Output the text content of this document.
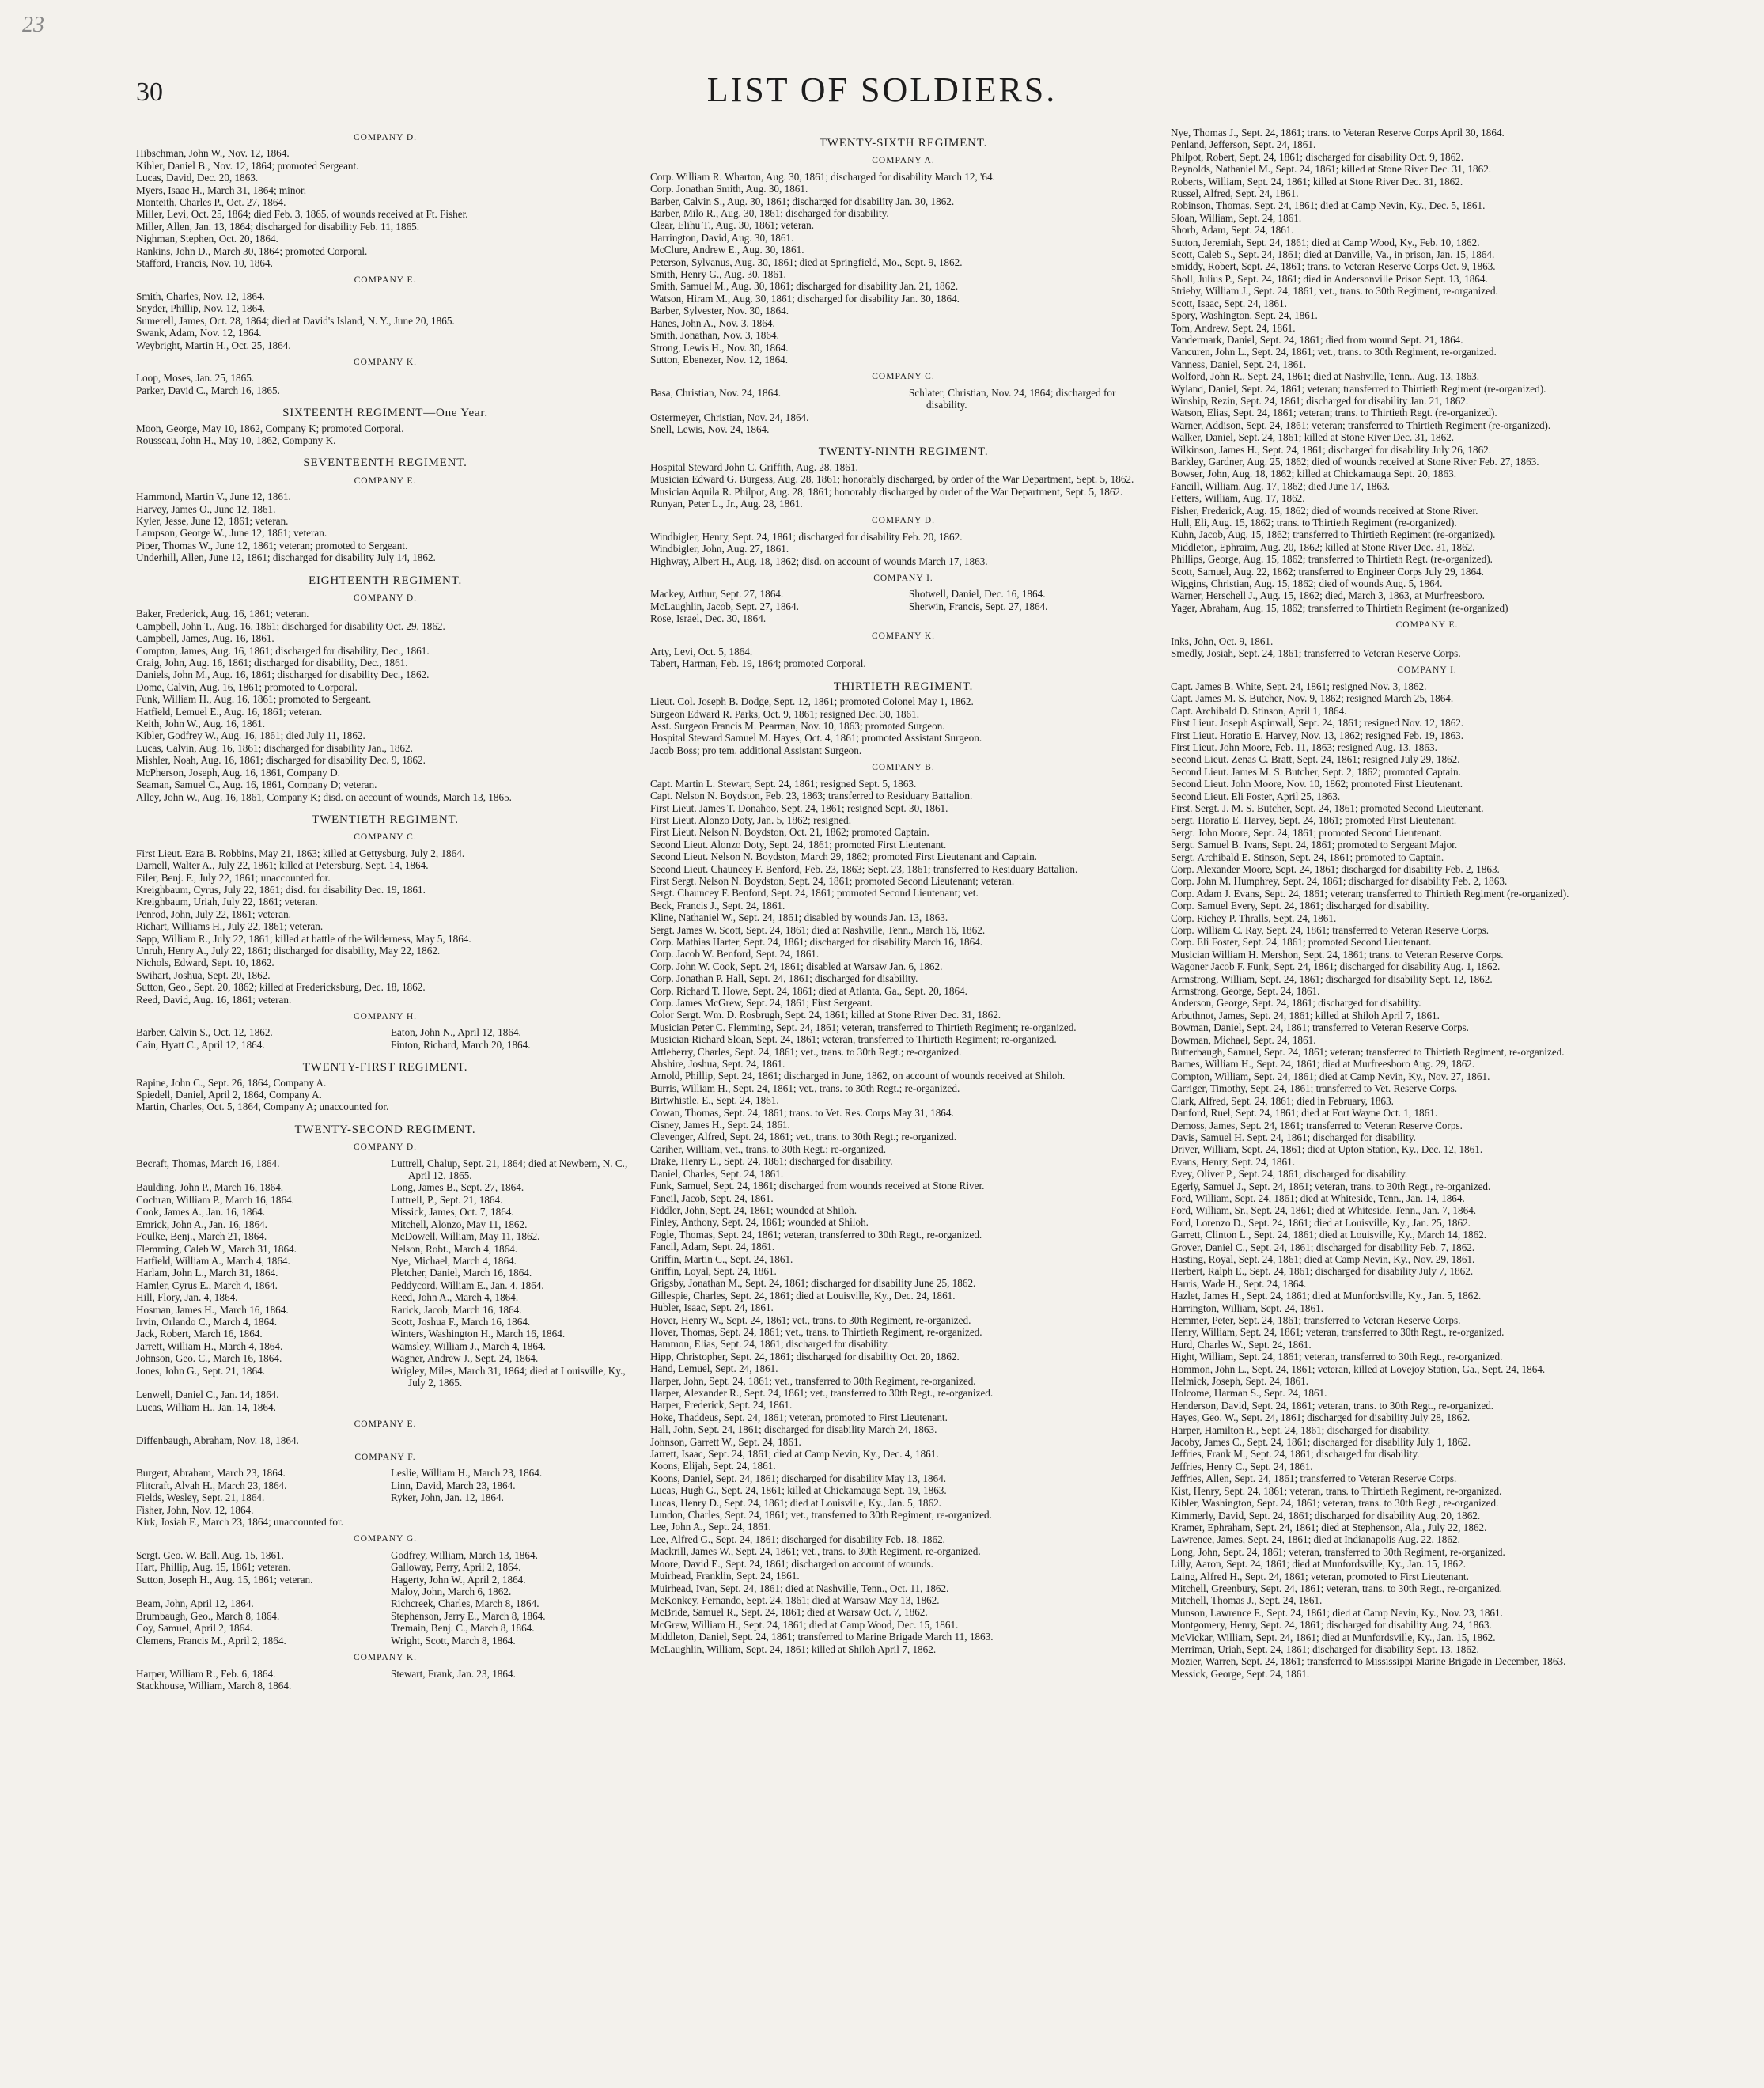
23
30	LIST OF SOLDIERS.
COMPANY D.
Hibschman, John W., Nov. 12, 1864.
Kibler, Daniel B., Nov. 12, 1864; promoted Sergeant.
Lucas, David, Dec. 20, 1863.
Myers, Isaac H., March 31, 1864; minor.
Monteith, Charles P., Oct. 27, 1864.
Miller, Levi, Oct. 25, 1864; died Feb. 3, 1865, of wounds received at Ft. Fisher.
Miller, Allen, Jan. 13, 1864; discharged for disability Feb. 11, 1865.
Nighman, Stephen, Oct. 20, 1864.
Rankins, John D., March 30, 1864; promoted Corporal.
Stafford, Francis, Nov. 10, 1864.
COMPANY E.
Smith, Charles, Nov. 12, 1864.
Snyder, Phillip, Nov. 12, 1864.
Sumerell, James, Oct. 28, 1864; died at David's Island, N. Y., June 20, 1865.
Swank, Adam, Nov. 12, 1864.
Weybright, Martin H., Oct. 25, 1864.
COMPANY K.
Loop, Moses, Jan. 25, 1865.
Parker, David C., March 16, 1865.
SIXTEENTH REGIMENT—One Year.
Moon, George, May 10, 1862, Company K; promoted Corporal.
Rousseau, John H., May 10, 1862, Company K.
SEVENTEENTH REGIMENT.
COMPANY E.
Hammond, Martin V., June 12, 1861.
Harvey, James O., June 12, 1861.
Kyler, Jesse, June 12, 1861; veteran.
Lampson, George W., June 12, 1861; veteran.
Piper, Thomas W., June 12, 1861; veteran; promoted to Sergeant.
Underhill, Allen, June 12, 1861; discharged for disability July 14, 1862.
EIGHTEENTH REGIMENT.
COMPANY D.
Baker, Frederick, Aug. 16, 1861; veteran.
Campbell, John T., Aug. 16, 1861; discharged for disability Oct. 29, 1862.
Campbell, James, Aug. 16, 1861.
Compton, James, Aug. 16, 1861; discharged for disability, Dec., 1861.
Craig, John, Aug. 16, 1861; discharged for disability, Dec., 1861.
Daniels, John M., Aug. 16, 1861; discharged for disability Dec., 1862.
Dome, Calvin, Aug. 16, 1861; promoted to Corporal.
Funk, William H., Aug. 16, 1861; promoted to Sergeant.
Hatfield, Lemuel E., Aug. 16, 1861; veteran.
Keith, John W., Aug. 16, 1861.
Kibler, Godfrey W., Aug. 16, 1861; died July 11, 1862.
Lucas, Calvin, Aug. 16, 1861; discharged for disability Jan., 1862.
Mishler, Noah, Aug. 16, 1861; discharged for disability Dec. 9, 1862.
McPherson, Joseph, Aug. 16, 1861, Company D.
Seaman, Samuel C., Aug. 16, 1861, Company D; veteran.
Alley, John W., Aug. 16, 1861, Company K; disd. on account of wounds, March 13, 1865.
TWENTIETH REGIMENT.
COMPANY C.
First Lieut. Ezra B. Robbins, May 21, 1863; killed at Gettysburg, July 2, 1864.
Darnell, Walter A., July 22, 1861; killed at Petersburg, Sept. 14, 1864.
Eiler, Benj. F., July 22, 1861; unaccounted for.
Kreighbaum, Cyrus, July 22, 1861; disd. for disability Dec. 19, 1861.
Kreighbaum, Uriah, July 22, 1861; veteran.
Penrod, John, July 22, 1861; veteran.
Richart, Williams H., July 22, 1861; veteran.
Sapp, William R., July 22, 1861; killed at battle of the Wilderness, May 5, 1864.
Unruh, Henry A., July 22, 1861; discharged for disability, May 22, 1862.
Nichols, Edward, Sept. 10, 1862.
Swihart, Joshua, Sept. 20, 1862.
Sutton, Geo., Sept. 20, 1862; killed at Fredericksburg, Dec. 18, 1862.
Reed, David, Aug. 16, 1861; veteran.
COMPANY H.
Barber, Calvin S., Oct. 12, 1862.	Eaton, John N., April 12, 1864.
Cain, Hyatt C., April 12, 1864.	Finton, Richard, March 20, 1864.
TWENTY-FIRST REGIMENT.
Rapine, John C., Sept. 26, 1864, Company A.
Spiedell, Daniel, April 2, 1864, Company A.
Martin, Charles, Oct. 5, 1864, Company A; unaccounted for.
TWENTY-SECOND REGIMENT.
COMPANY D.
Becraft, Thomas, March 16, 1864.	Luttrell, Chalup, Sept. 21, 1864; died at Newbern, N. C., April 12, 1865.
Baulding, John P., March 16, 1864.	Long, James B., Sept. 27, 1864.
Cochran, William P., March 16, 1864.	Luttrell, P., Sept. 21, 1864.
Cook, James A., Jan. 16, 1864.	Missick, James, Oct. 7, 1864.
Emrick, John A., Jan. 16, 1864.	Mitchell, Alonzo, May 11, 1862.
Foulke, Benj., March 21, 1864.	McDowell, William, May 11, 1862.
Flemming, Caleb W., March 31, 1864.	Nelson, Robt., March 4, 1864.
Hatfield, William A., March 4, 1864.	Nye, Michael, March 4, 1864.
Harlam, John L., March 31, 1864.	Pletcher, Daniel, March 16, 1864.
Hamler, Cyrus E., March 4, 1864.	Peddycord, William E., Jan. 4, 1864.
Hill, Flory, Jan. 4, 1864.	Reed, John A., March 4, 1864.
Hosman, James H., March 16, 1864.	Rarick, Jacob, March 16, 1864.
Irvin, Orlando C., March 4, 1864.	Scott, Joshua F., March 16, 1864.
Jack, Robert, March 16, 1864.	Winters, Washington H., March 16, 1864.
Jarrett, William H., March 4, 1864.	Wamsley, William J., March 4, 1864.
Johnson, Geo. C., March 16, 1864.	Wagner, Andrew J., Sept. 24, 1864.
Jones, John G., Sept. 21, 1864.	Wrigley, Miles, March 31, 1864; died at Louisville, Ky., July 2, 1865.
Lenwell, Daniel C., Jan. 14, 1864.
Lucas, William H., Jan. 14, 1864.
COMPANY E.
Diffenbaugh, Abraham, Nov. 18, 1864.
COMPANY F.
Burgert, Abraham, March 23, 1864.	Leslie, William H., March 23, 1864.
Flitcraft, Alvah H., March 23, 1864.	Linn, David, March 23, 1864.
Fields, Wesley, Sept. 21, 1864.	Ryker, John, Jan. 12, 1864.
Fisher, John, Nov. 12, 1864.
Kirk, Josiah F., March 23, 1864; unaccounted for.
COMPANY G.
Sergt. Geo. W. Ball, Aug. 15, 1861.	Godfrey, William, March 13, 1864.
Hart, Phillip, Aug. 15, 1861; veteran.	Galloway, Perry, April 2, 1864.
Sutton, Joseph H., Aug. 15, 1861; veteran.	Hagerty, John W., April 2, 1864.
Maloy, John, March 6, 1862.
Beam, John, April 12, 1864.	Richcreek, Charles, March 8, 1864.
Brumbaugh, Geo., March 8, 1864.	Stephenson, Jerry E., March 8, 1864.
Coy, Samuel, April 2, 1864.	Tremain, Benj. C., March 8, 1864.
Clemens, Francis M., April 2, 1864.	Wright, Scott, March 8, 1864.
COMPANY K.
Harper, William R., Feb. 6, 1864.	Stewart, Frank, Jan. 23, 1864.
Stackhouse, William, March 8, 1864.
TWENTY-SIXTH REGIMENT.
COMPANY A.
Corp. William R. Wharton, Aug. 30, 1861; discharged for disability March 12, '64.
Corp. Jonathan Smith, Aug. 30, 1861.
Barber, Calvin S., Aug. 30, 1861; discharged for disability Jan. 30, 1862.
Barber, Milo R., Aug. 30, 1861; discharged for disability.
Clear, Elihu T., Aug. 30, 1861; veteran.
Harrington, David, Aug. 30, 1861.
McClure, Andrew E., Aug. 30, 1861.
Peterson, Sylvanus, Aug. 30, 1861; died at Springfield, Mo., Sept. 9, 1862.
Smith, Henry G., Aug. 30, 1861.
Smith, Samuel M., Aug. 30, 1861; discharged for disability Jan. 21, 1862.
Watson, Hiram M., Aug. 30, 1861; discharged for disability Jan. 30, 1864.
Barber, Sylvester, Nov. 30, 1864.
Hanes, John A., Nov. 3, 1864.
Smith, Jonathan, Nov. 3, 1864.
Strong, Lewis H., Nov. 30, 1864.
Sutton, Ebenezer, Nov. 12, 1864.
COMPANY C.
Basa, Christian, Nov. 24, 1864.	Schlater, Christian, Nov. 24, 1864; discharged for disability.
Ostermeyer, Christian, Nov. 24, 1864.
Snell, Lewis, Nov. 24, 1864.
TWENTY-NINTH REGIMENT.
Hospital Steward John C. Griffith, Aug. 28, 1861.
Musician Edward G. Burgess, Aug. 28, 1861; honorably discharged, by order of the War Department, Sept. 5, 1862.
Musician Aquila R. Philpot, Aug. 28, 1861; honorably discharged by order of the War Department, Sept. 5, 1862.
Runyan, Peter L., Jr., Aug. 28, 1861.
COMPANY D.
Windbigler, Henry, Sept. 24, 1861; discharged for disability Feb. 20, 1862.
Windbigler, John, Aug. 27, 1861.
Highway, Albert H., Aug. 18, 1862; disd. on account of wounds March 17, 1863.
COMPANY I.
Mackey, Arthur, Sept. 27, 1864.	Shotwell, Daniel, Dec. 16, 1864.
McLaughlin, Jacob, Sept. 27, 1864.	Sherwin, Francis, Sept. 27, 1864.
Rose, Israel, Dec. 30, 1864.
COMPANY K.
Arty, Levi, Oct. 5, 1864.
Tabert, Harman, Feb. 19, 1864; promoted Corporal.
THIRTIETH REGIMENT.
Lieut. Col. Joseph B. Dodge, Sept. 12, 1861; promoted Colonel May 1, 1862.
Surgeon Edward R. Parks, Oct. 9, 1861; resigned Dec. 30, 1861.
Asst. Surgeon Francis M. Pearman, Nov. 10, 1863; promoted Surgeon.
Hospital Steward Samuel M. Hayes, Oct. 4, 1861; promoted Assistant Surgeon.
Jacob Boss; pro tem. additional Assistant Surgeon.
COMPANY B.
Capt. Martin L. Stewart, Sept. 24, 1861; resigned Sept. 5, 1863.
Capt. Nelson N. Boydston, Feb. 23, 1863; transferred to Residuary Battalion.
First Lieut. James T. Donahoo, Sept. 24, 1861; resigned Sept. 30, 1861.
First Lieut. Alonzo Doty, Jan. 5, 1862; resigned.
First Lieut. Nelson N. Boydston, Oct. 21, 1862; promoted Captain.
Second Lieut. Alonzo Doty, Sept. 24, 1861; promoted First Lieutenant.
Second Lieut. Nelson N. Boydston, March 29, 1862; promoted First Lieutenant and Captain.
Second Lieut. Chauncey F. Benford, Feb. 23, 1863; Sept. 23, 1861; transferred to Residuary Battalion.
First Sergt. Nelson N. Boydston, Sept. 24, 1861; promoted Second Lieutenant; veteran.
Sergt. Chauncey F. Benford, Sept. 24, 1861; promoted Second Lieutenant; vet.
Beck, Francis J., Sept. 24, 1861.
Kline, Nathaniel W., Sept. 24, 1861; disabled by wounds Jan. 13, 1863.
Sergt. James W. Scott, Sept. 24, 1861; died at Nashville, Tenn., March 16, 1862.
Corp. Mathias Harter, Sept. 24, 1861; discharged for disability March 16, 1864.
Corp. Jacob W. Benford, Sept. 24, 1861.
Corp. John W. Cook, Sept. 24, 1861; disabled at Warsaw Jan. 6, 1862.
Corp. Jonathan P. Hall, Sept. 24, 1861; discharged for disability.
Corp. Richard T. Howe, Sept. 24, 1861; died at Atlanta, Ga., Sept. 20, 1864.
Corp. James McGrew, Sept. 24, 1861; First Sergeant.
Color Sergt. Wm. D. Rosbrugh, Sept. 24, 1861; killed at Stone River Dec. 31, 1862.
Musician Peter C. Flemming, Sept. 24, 1861; veteran, transferred to Thirtieth Regiment; re-organized.
Musician Richard Sloan, Sept. 24, 1861; veteran, transferred to Thirtieth Regiment; re-organized.
Attleberry, Charles, Sept. 24, 1861; vet., trans. to 30th Regt.; re-organized.
Abshire, Joshua, Sept. 24, 1861.
Arnold, Phillip, Sept. 24, 1861; discharged in June, 1862, on account of wounds received at Shiloh.
Burris, William H., Sept. 24, 1861; vet., trans. to 30th Regt.; re-organized.
Birtwhistle, E., Sept. 24, 1861.
Cowan, Thomas, Sept. 24, 1861; trans. to Vet. Res. Corps May 31, 1864.
Cisney, James H., Sept. 24, 1861.
Clevenger, Alfred, Sept. 24, 1861; vet., trans. to 30th Regt.; re-organized.
Cariher, William, vet., trans. to 30th Regt.; re-organized.
Drake, Henry E., Sept. 24, 1861; discharged for disability.
Daniel, Charles, Sept. 24, 1861.
Funk, Samuel, Sept. 24, 1861; discharged from wounds received at Stone River.
Fancil, Jacob, Sept. 24, 1861.
Fiddler, John, Sept. 24, 1861; wounded at Shiloh.
Finley, Anthony, Sept. 24, 1861; wounded at Shiloh.
Fogle, Thomas, Sept. 24, 1861; veteran, transferred to 30th Regt., re-organized.
Fancil, Adam, Sept. 24, 1861.
Griffin, Martin C., Sept. 24, 1861.
Griffin, Loyal, Sept. 24, 1861.
Grigsby, Jonathan M., Sept. 24, 1861; discharged for disability June 25, 1862.
Gillespie, Charles, Sept. 24, 1861; died at Louisville, Ky., Dec. 24, 1861.
Hubler, Isaac, Sept. 24, 1861.
Hover, Henry W., Sept. 24, 1861; vet., trans. to 30th Regiment, re-organized.
Hover, Thomas, Sept. 24, 1861; vet., trans. to Thirtieth Regiment, re-organized.
Hammon, Elias, Sept. 24, 1861; discharged for disability.
Hipp, Christopher, Sept. 24, 1861; discharged for disability Oct. 20, 1862.
Hand, Lemuel, Sept. 24, 1861.
Harper, John, Sept. 24, 1861; vet., transferred to 30th Regiment, re-organized.
Harper, Alexander R., Sept. 24, 1861; vet., transferred to 30th Regt., re-organized.
Harper, Frederick, Sept. 24, 1861.
Hoke, Thaddeus, Sept. 24, 1861; veteran, promoted to First Lieutenant.
Hall, John, Sept. 24, 1861; discharged for disability March 24, 1863.
Johnson, Garrett W., Sept. 24, 1861.
Jarrett, Isaac, Sept. 24, 1861; died at Camp Nevin, Ky., Dec. 4, 1861.
Koons, Elijah, Sept. 24, 1861.
Koons, Daniel, Sept. 24, 1861; discharged for disability May 13, 1864.
Lucas, Hugh G., Sept. 24, 1861; killed at Chickamauga Sept. 19, 1863.
Lucas, Henry D., Sept. 24, 1861; died at Louisville, Ky., Jan. 5, 1862.
Lundon, Charles, Sept. 24, 1861; vet., transferred to 30th Regiment, re-organized.
Lee, John A., Sept. 24, 1861.
Lee, Alfred G., Sept. 24, 1861; discharged for disability Feb. 18, 1862.
Mackrill, James W., Sept. 24, 1861; vet., trans. to 30th Regiment, re-organized.
Moore, David E., Sept. 24, 1861; discharged on account of wounds.
Muirhead, Franklin, Sept. 24, 1861.
Muirhead, Ivan, Sept. 24, 1861; died at Nashville, Tenn., Oct. 11, 1862.
McKonkey, Fernando, Sept. 24, 1861; died at Warsaw May 13, 1862.
McBride, Samuel R., Sept. 24, 1861; died at Warsaw Oct. 7, 1862.
McGrew, William H., Sept. 24, 1861; died at Camp Wood, Dec. 15, 1861.
Middleton, Daniel, Sept. 24, 1861; transferred to Marine Brigade March 11, 1863.
McLaughlin, William, Sept. 24, 1861; killed at Shiloh April 7, 1862.
Nye, Thomas J., Sept. 24, 1861; trans. to Veteran Reserve Corps April 30, 1864.
Penland, Jefferson, Sept. 24, 1861.
Philpot, Robert, Sept. 24, 1861; discharged for disability Oct. 9, 1862.
Reynolds, Nathaniel M., Sept. 24, 1861; killed at Stone River Dec. 31, 1862.
Roberts, William, Sept. 24, 1861; killed at Stone River Dec. 31, 1862.
Russel, Alfred, Sept. 24, 1861.
Robinson, Thomas, Sept. 24, 1861; died at Camp Nevin, Ky., Dec. 5, 1861.
Sloan, William, Sept. 24, 1861.
Shorb, Adam, Sept. 24, 1861.
Sutton, Jeremiah, Sept. 24, 1861; died at Camp Wood, Ky., Feb. 10, 1862.
Scott, Caleb S., Sept. 24, 1861; died at Danville, Va., in prison, Jan. 15, 1864.
Smiddy, Robert, Sept. 24, 1861; trans. to Veteran Reserve Corps Oct. 9, 1863.
Sholl, Julius P., Sept. 24, 1861; died in Andersonville Prison Sept. 13, 1864.
Strieby, William J., Sept. 24, 1861; vet., trans. to 30th Regiment, re-organized.
Scott, Isaac, Sept. 24, 1861.
Spory, Washington, Sept. 24, 1861.
Tom, Andrew, Sept. 24, 1861.
Vandermark, Daniel, Sept. 24, 1861; died from wound Sept. 21, 1864.
Vancuren, John L., Sept. 24, 1861; vet., trans. to 30th Regiment, re-organized.
Vanness, Daniel, Sept. 24, 1861.
Wolford, John R., Sept. 24, 1861; died at Nashville, Tenn., Aug. 13, 1863.
Wyland, Daniel, Sept. 24, 1861; veteran; transferred to Thirtieth Regiment (re-organized).
Winship, Rezin, Sept. 24, 1861; discharged for disability Jan. 21, 1862.
Watson, Elias, Sept. 24, 1861; veteran; trans. to Thirtieth Regt. (re-organized).
Warner, Addison, Sept. 24, 1861; veteran; transferred to Thirtieth Regiment (re-organized).
Walker, Daniel, Sept. 24, 1861; killed at Stone River Dec. 31, 1862.
Wilkinson, James H., Sept. 24, 1861; discharged for disability July 26, 1862.
Barkley, Gardner, Aug. 25, 1862; died of wounds received at Stone River Feb. 27, 1863.
Bowser, John, Aug. 18, 1862; killed at Chickamauga Sept. 20, 1863.
Fancill, William, Aug. 17, 1862; died June 17, 1863.
Fetters, William, Aug. 17, 1862.
Fisher, Frederick, Aug. 15, 1862; died of wounds received at Stone River.
Hull, Eli, Aug. 15, 1862; trans. to Thirtieth Regiment (re-organized).
Kuhn, Jacob, Aug. 15, 1862; transferred to Thirtieth Regiment (re-organized).
Middleton, Ephraim, Aug. 20, 1862; killed at Stone River Dec. 31, 1862.
Phillips, George, Aug. 15, 1862; transferred to Thirtieth Regt. (re-organized).
Scott, Samuel, Aug. 22, 1862; transferred to Engineer Corps July 29, 1864.
Wiggins, Christian, Aug. 15, 1862; died of wounds Aug. 5, 1864.
Warner, Herschell J., Aug. 15, 1862; died, March 3, 1863, at Murfreesboro.
Yager, Abraham, Aug. 15, 1862; transferred to Thirtieth Regiment (re-organized)
COMPANY E.
Inks, John, Oct. 9, 1861.
Smedly, Josiah, Sept. 24, 1861; transferred to Veteran Reserve Corps.
COMPANY I.
Capt. James B. White, Sept. 24, 1861; resigned Nov. 3, 1862.
Capt. James M. S. Butcher, Nov. 9, 1862; resigned March 25, 1864.
Capt. Archibald D. Stinson, April 1, 1864.
First Lieut. Joseph Aspinwall, Sept. 24, 1861; resigned Nov. 12, 1862.
First Lieut. Horatio E. Harvey, Nov. 13, 1862; resigned Feb. 19, 1863.
First Lieut. John Moore, Feb. 11, 1863; resigned Aug. 13, 1863.
Second Lieut. Zenas C. Bratt, Sept. 24, 1861; resigned July 29, 1862.
Second Lieut. James M. S. Butcher, Sept. 2, 1862; promoted Captain.
Second Lieut. John Moore, Nov. 10, 1862; promoted First Lieutenant.
Second Lieut. Eli Foster, April 25, 1863.
First. Sergt. J. M. S. Butcher, Sept. 24, 1861; promoted Second Lieutenant.
Sergt. Horatio E. Harvey, Sept. 24, 1861; promoted First Lieutenant.
Sergt. John Moore, Sept. 24, 1861; promoted Second Lieutenant.
Sergt. Samuel B. Ivans, Sept. 24, 1861; promoted to Sergeant Major.
Sergt. Archibald E. Stinson, Sept. 24, 1861; promoted to Captain.
Corp. Alexander Moore, Sept. 24, 1861; discharged for disability Feb. 2, 1863.
Corp. John M. Humphrey, Sept. 24, 1861; discharged for disability Feb. 2, 1863.
Corp. Adam J. Evans, Sept. 24, 1861; veteran; transferred to Thirtieth Regiment (re-organized).
Corp. Samuel Every, Sept. 24, 1861; discharged for disability.
Corp. Richey P. Thralls, Sept. 24, 1861.
Corp. William C. Ray, Sept. 24, 1861; transferred to Veteran Reserve Corps.
Corp. Eli Foster, Sept. 24, 1861; promoted Second Lieutenant.
Musician William H. Mershon, Sept. 24, 1861; trans. to Veteran Reserve Corps.
Wagoner Jacob F. Funk, Sept. 24, 1861; discharged for disability Aug. 1, 1862.
Armstrong, William, Sept. 24, 1861; discharged for disability Sept. 12, 1862.
Armstrong, George, Sept. 24, 1861.
Anderson, George, Sept. 24, 1861; discharged for disability.
Arbuthnot, James, Sept. 24, 1861; killed at Shiloh April 7, 1861.
Bowman, Daniel, Sept. 24, 1861; transferred to Veteran Reserve Corps.
Bowman, Michael, Sept. 24, 1861.
Butterbaugh, Samuel, Sept. 24, 1861; veteran; transferred to Thirtieth Regiment, re-organized.
Barnes, William H., Sept. 24, 1861; died at Murfreesboro Aug. 29, 1862.
Compton, William, Sept. 24, 1861; died at Camp Nevin, Ky., Nov. 27, 1861.
Carriger, Timothy, Sept. 24, 1861; transferred to Vet. Reserve Corps.
Clark, Alfred, Sept. 24, 1861; died in February, 1863.
Danford, Ruel, Sept. 24, 1861; died at Fort Wayne Oct. 1, 1861.
Demoss, James, Sept. 24, 1861; transferred to Veteran Reserve Corps.
Davis, Samuel H. Sept. 24, 1861; discharged for disability.
Driver, William, Sept. 24, 1861; died at Upton Station, Ky., Dec. 12, 1861.
Evans, Henry, Sept. 24, 1861.
Evey, Oliver P., Sept. 24, 1861; discharged for disability.
Egerly, Samuel J., Sept. 24, 1861; veteran, trans. to 30th Regt., re-organized.
Ford, William, Sept. 24, 1861; died at Whiteside, Tenn., Jan. 14, 1864.
Ford, William, Sr., Sept. 24, 1861; died at Whiteside, Tenn., Jan. 7, 1864.
Ford, Lorenzo D., Sept. 24, 1861; died at Louisville, Ky., Jan. 25, 1862.
Garrett, Clinton L., Sept. 24, 1861; died at Louisville, Ky., March 14, 1862.
Grover, Daniel C., Sept. 24, 1861; discharged for disability Feb. 7, 1862.
Hasting, Royal, Sept. 24, 1861; died at Camp Nevin, Ky., Nov. 29, 1861.
Herbert, Ralph E., Sept. 24, 1861; discharged for disability July 7, 1862.
Harris, Wade H., Sept. 24, 1864.
Hazlet, James H., Sept. 24, 1861; died at Munfordsville, Ky., Jan. 5, 1862.
Harrington, William, Sept. 24, 1861.
Hemmer, Peter, Sept. 24, 1861; transferred to Veteran Reserve Corps.
Henry, William, Sept. 24, 1861; veteran, transferred to 30th Regt., re-organized.
Hurd, Charles W., Sept. 24, 1861.
Hight, William, Sept. 24, 1861; veteran, transferred to 30th Regt., re-organized.
Hommon, John L., Sept. 24, 1861; veteran, killed at Lovejoy Station, Ga., Sept. 24, 1864.
Helmick, Joseph, Sept. 24, 1861.
Holcome, Harman S., Sept. 24, 1861.
Henderson, David, Sept. 24, 1861; veteran, trans. to 30th Regt., re-organized.
Hayes, Geo. W., Sept. 24, 1861; discharged for disability July 28, 1862.
Harper, Hamilton R., Sept. 24, 1861; discharged for disability.
Jacoby, James C., Sept. 24, 1861; discharged for disability July 1, 1862.
Jeffries, Frank M., Sept. 24, 1861; discharged for disability.
Jeffries, Henry C., Sept. 24, 1861.
Jeffries, Allen, Sept. 24, 1861; transferred to Veteran Reserve Corps.
Kist, Henry, Sept. 24, 1861; veteran, trans. to Thirtieth Regiment, re-organized.
Kibler, Washington, Sept. 24, 1861; veteran, trans. to 30th Regt., re-organized.
Kimmerly, David, Sept. 24, 1861; discharged for disability Aug. 20, 1862.
Kramer, Ephraham, Sept. 24, 1861; died at Stephenson, Ala., July 22, 1862.
Lawrence, James, Sept. 24, 1861; died at Indianapolis Aug. 22, 1862.
Long, John, Sept. 24, 1861; veteran, transferred to 30th Regiment, re-organized.
Lilly, Aaron, Sept. 24, 1861; died at Munfordsville, Ky., Jan. 15, 1862.
Laing, Alfred H., Sept. 24, 1861; veteran, promoted to First Lieutenant.
Mitchell, Greenbury, Sept. 24, 1861; veteran, trans. to 30th Regt., re-organized.
Mitchell, Thomas J., Sept. 24, 1861.
Munson, Lawrence F., Sept. 24, 1861; died at Camp Nevin, Ky., Nov. 23, 1861.
Montgomery, Henry, Sept. 24, 1861; discharged for disability Aug. 24, 1863.
McVickar, William, Sept. 24, 1861; died at Munfordsville, Ky., Jan. 15, 1862.
Merriman, Uriah, Sept. 24, 1861; discharged for disability Sept. 13, 1862.
Mozier, Warren, Sept. 24, 1861; transferred to Mississippi Marine Brigade in December, 1863.
Messick, George, Sept. 24, 1861.
